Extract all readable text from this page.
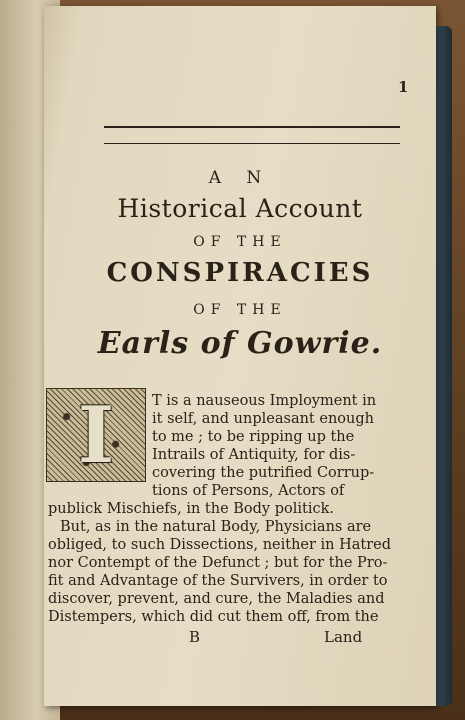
1
A N
Historical Account
OF THE
CONSPIRACIES
OF THE
Earls of Gowrie.
I	T is a nauseous Imployment in
it self, and unpleasant enough
to me ; to be ripping up the
Intrails of Antiquity, for dis-
covering the putrified Corrup-
tions of Persons, Actors of
publick Mischiefs, in the Body politick.
But, as in the natural Body, Physicians are
obliged, to such Dissections, neither in Hatred
nor Contempt of the Defunct ; but for the Pro-
fit and Advantage of the Survivers, in order to
discover, prevent, and cure, the Maladies and
Distempers, which did cut them off, from the
B	Land
